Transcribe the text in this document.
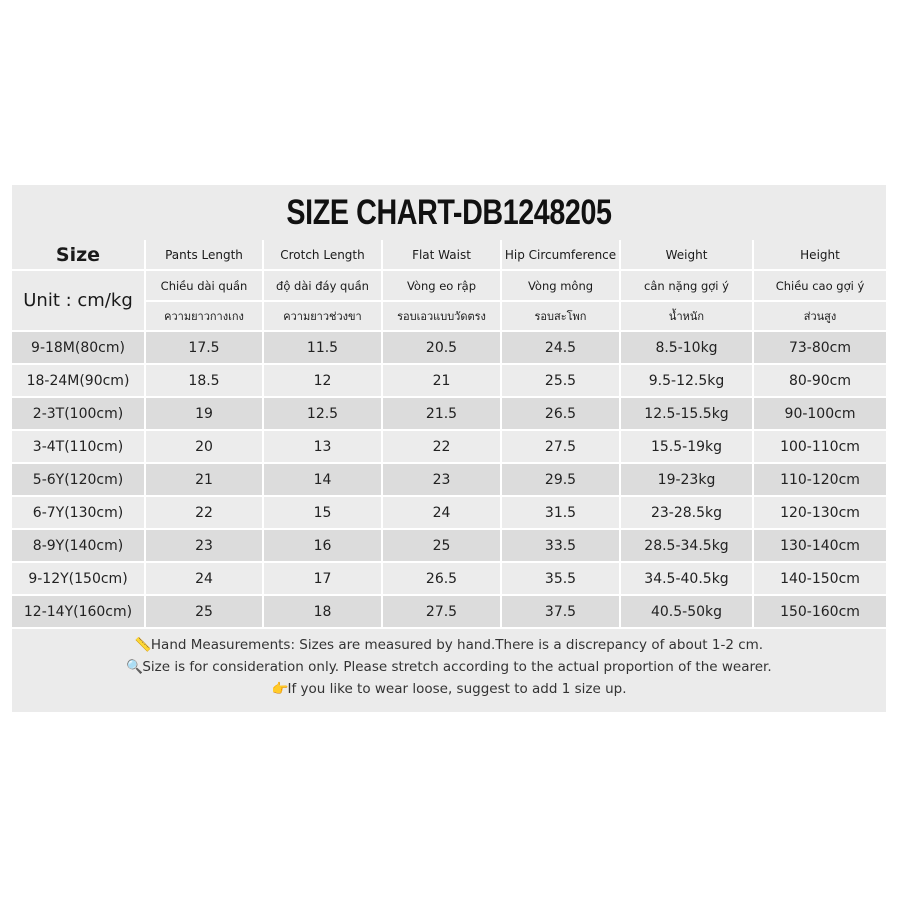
SIZE CHART-DB1248205
Size	Pants Length	Crotch Length	Flat Waist	Hip Circumference	Weight	Height
Unit : cm/kg	Chiều dài quần	độ dài đáy quần	Vòng eo rập	Vòng mông	cân nặng gợi ý	Chiều cao gợi ý
	ความยาวกางเกง	ความยาวช่วงขา	รอบเอวแบบวัดตรง	รอบสะโพก	น้ำหนัก	ส่วนสูง
9-18M(80cm)	17.5	11.5	20.5	24.5	8.5-10kg	73-80cm
18-24M(90cm)	18.5	12	21	25.5	9.5-12.5kg	80-90cm
2-3T(100cm)	19	12.5	21.5	26.5	12.5-15.5kg	90-100cm
3-4T(110cm)	20	13	22	27.5	15.5-19kg	100-110cm
5-6Y(120cm)	21	14	23	29.5	19-23kg	110-120cm
6-7Y(130cm)	22	15	24	31.5	23-28.5kg	120-130cm
8-9Y(140cm)	23	16	25	33.5	28.5-34.5kg	130-140cm
9-12Y(150cm)	24	17	26.5	35.5	34.5-40.5kg	140-150cm
12-14Y(160cm)	25	18	27.5	37.5	40.5-50kg	150-160cm
📏Hand Measurements: Sizes are measured by hand.There is a discrepancy of about 1-2 cm.
🔍Size is for consideration only. Please stretch according to the actual proportion of the wearer.
👉If you like to wear loose, suggest to add 1 size up.
